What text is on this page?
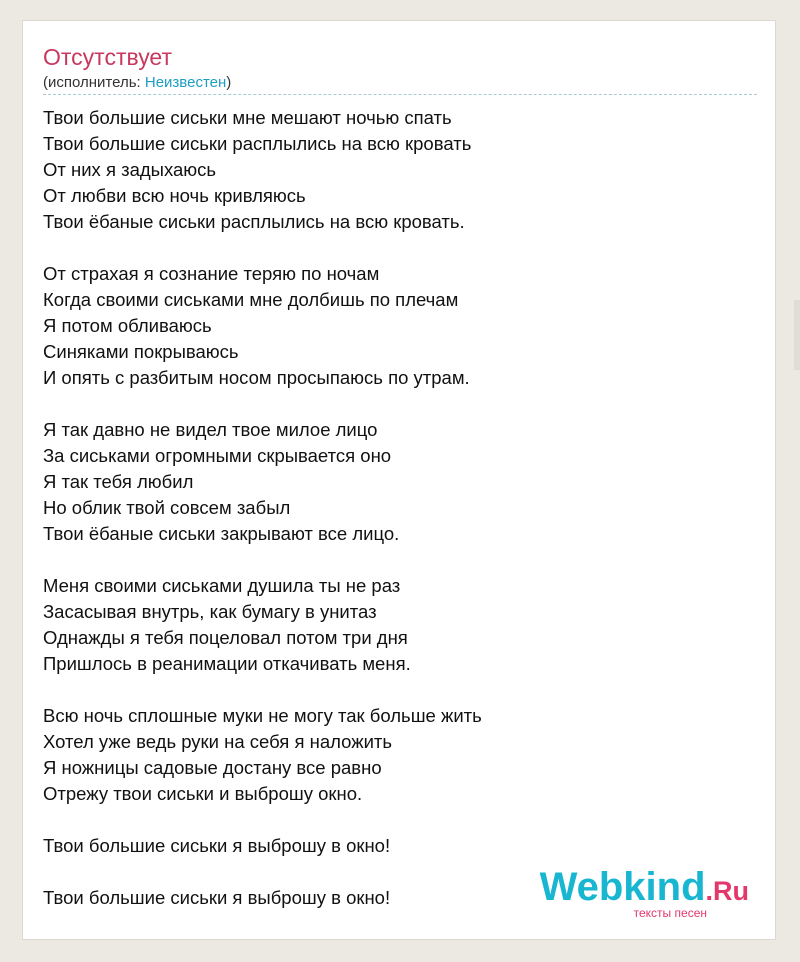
Отсутствует
(исполнитель: Неизвестен)
Твои большие сиськи мне мешают ночью спать
Твои большие сиськи расплылись на всю кровать
От них я задыхаюсь
От любви всю ночь кривляюсь
Твои ёбаные сиськи расплылись на всю кровать.
От страхая я сознание теряю по ночам
Когда своими сиськами мне долбишь по плечам
Я потом обливаюсь
Синяками покрываюсь
И опять с разбитым носом просыпаюсь по утрам.
Я так давно не видел твое милое лицо
За сиськами огромными скрывается оно
Я так тебя любил
Но облик твой совсем забыл
Твои ёбаные сиськи закрывают все лицо.
Меня своими сиськами душила ты не раз
Засасывая внутрь, как бумагу в унитаз
Однажды я тебя поцеловал потом три дня
Пришлось в реанимации откачивать меня.
Всю ночь сплошные муки не могу так больше жить
Хотел уже ведь руки на себя я наложить
Я ножницы садовые достану все равно
Отрежу твои сиськи и выброшу окно.
Твои большие сиськи я выброшу в окно!
Твои большие сиськи я выброшу в окно!	Webkind.Ru
тексты песен
